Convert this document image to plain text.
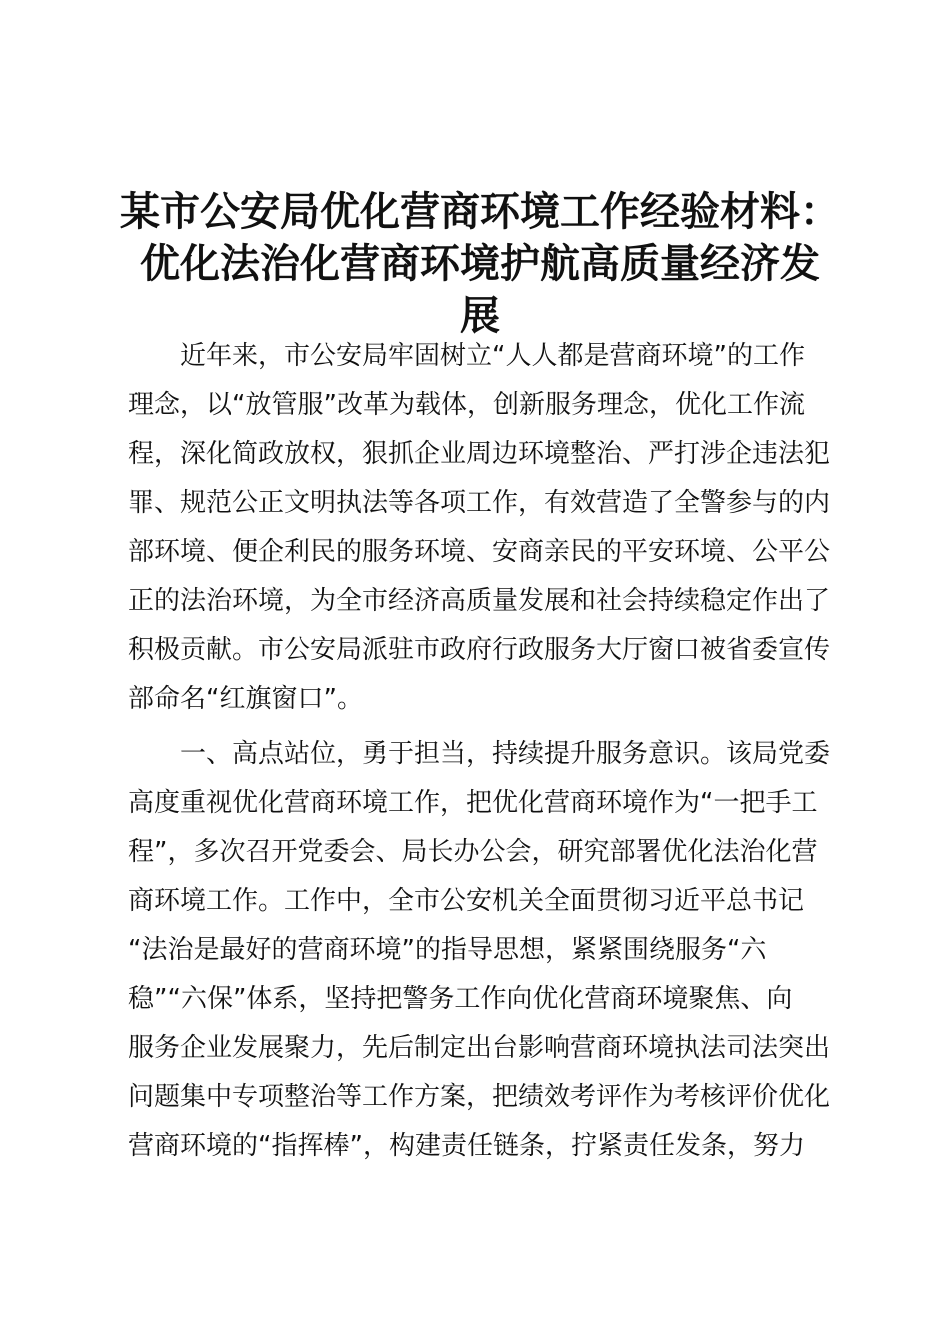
某市公安局优化营商环境工作经验材料：
优化法治化营商环境护航高质量经济发
展

近年来，市公安局牢固树立“人人都是营商环境”的工作
理念，以“放管服”改革为载体，创新服务理念，优化工作流
程，深化简政放权，狠抓企业周边环境整治、严打涉企违法犯
罪、规范公正文明执法等各项工作，有效营造了全警参与的内
部环境、便企利民的服务环境、安商亲民的平安环境、公平公
正的法治环境，为全市经济高质量发展和社会持续稳定作出了
积极贡献。市公安局派驻市政府行政服务大厅窗口被省委宣传
部命名“红旗窗口”。

一、高点站位，勇于担当，持续提升服务意识。该局党委
高度重视优化营商环境工作，把优化营商环境作为“一把手工
程”，多次召开党委会、局长办公会，研究部署优化法治化营
商环境工作。工作中，全市公安机关全面贯彻习近平总书记
“法治是最好的营商环境”的指导思想，紧紧围绕服务“六
稳”“六保”体系，坚持把警务工作向优化营商环境聚焦、向
服务企业发展聚力，先后制定出台影响营商环境执法司法突出
问题集中专项整治等工作方案，把绩效考评作为考核评价优化
营商环境的“指挥棒”，构建责任链条，拧紧责任发条，努力
